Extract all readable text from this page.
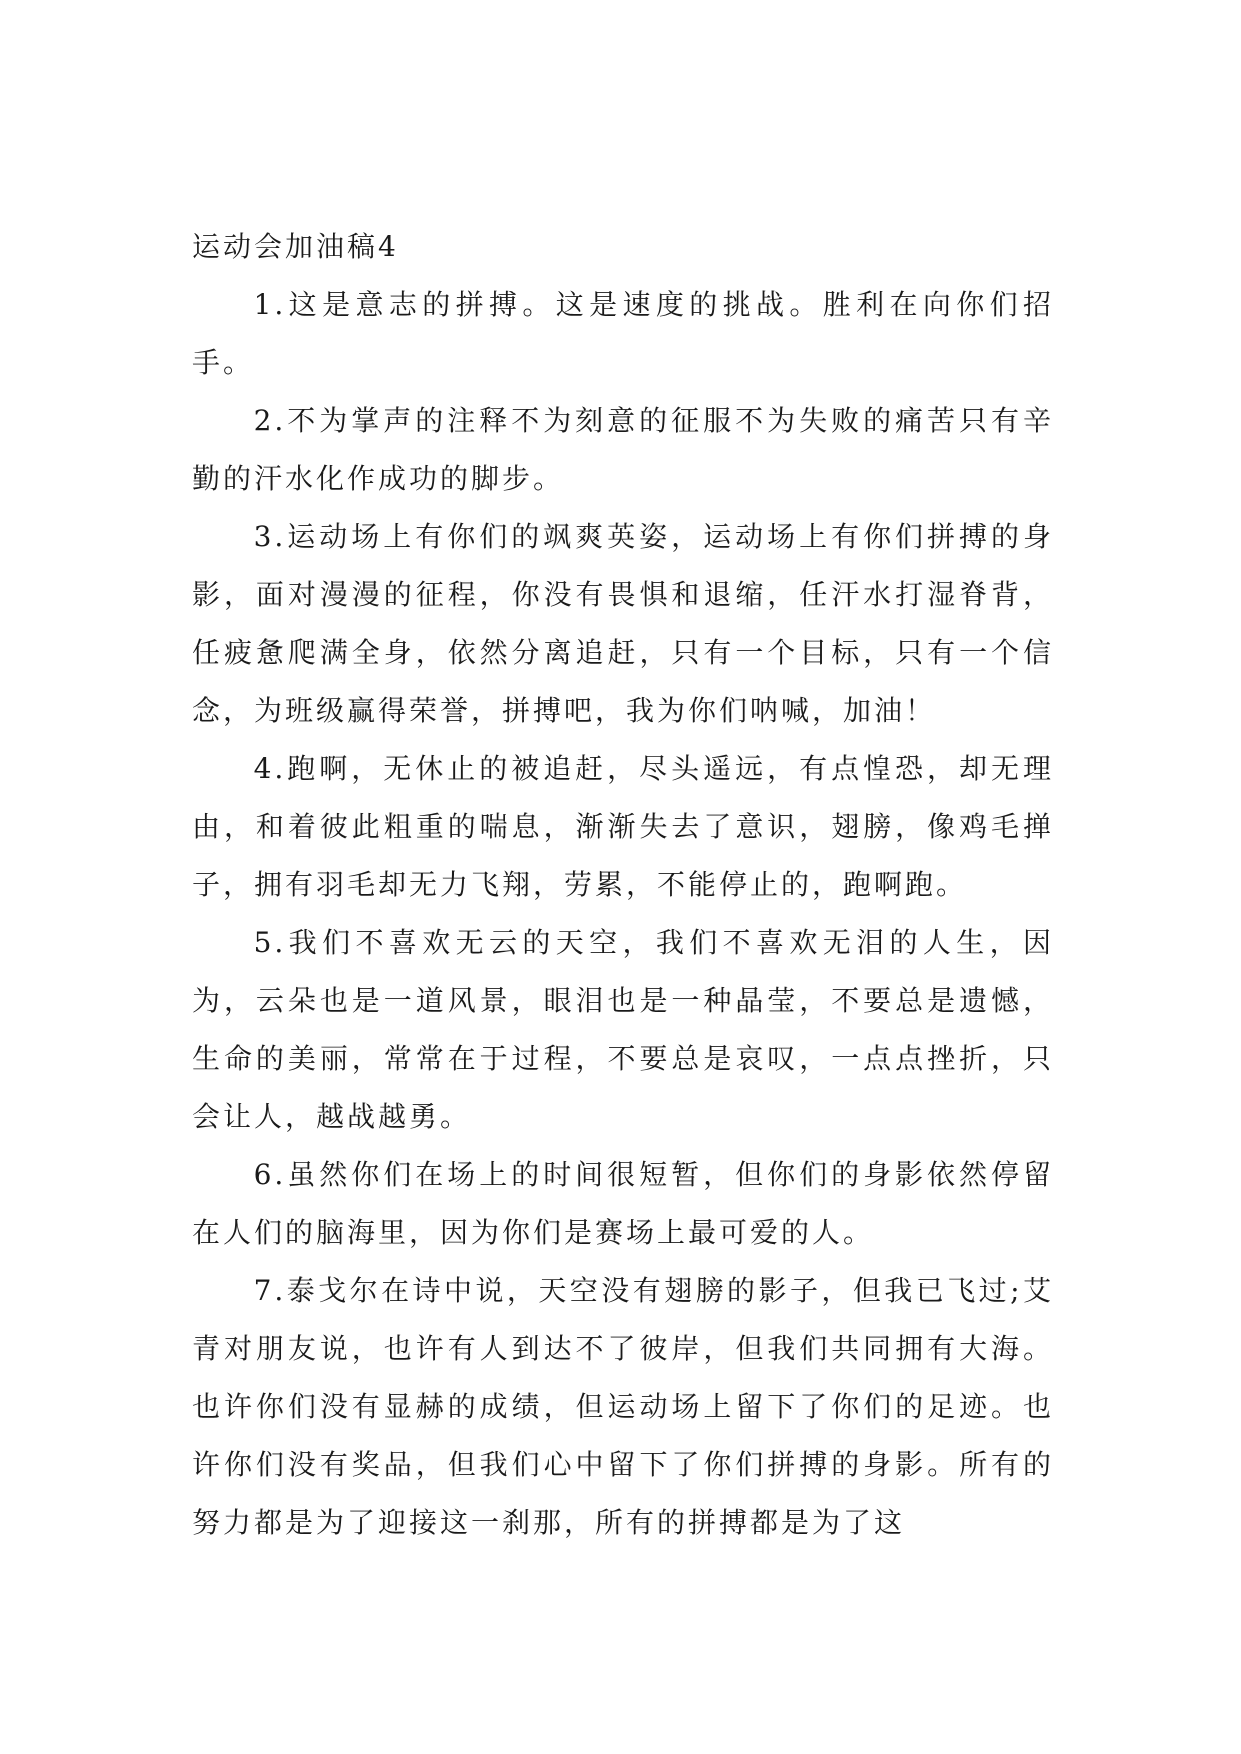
运动会加油稿4

1.这是意志的拼搏。这是速度的挑战。胜利在向你们招手。

2.不为掌声的注释不为刻意的征服不为失败的痛苦只有辛勤的汗水化作成功的脚步。

3.运动场上有你们的飒爽英姿，运动场上有你们拼搏的身影，面对漫漫的征程，你没有畏惧和退缩，任汗水打湿脊背，任疲惫爬满全身，依然分离追赶，只有一个目标，只有一个信念，为班级赢得荣誉，拼搏吧，我为你们呐喊，加油！

4.跑啊，无休止的被追赶，尽头遥远，有点惶恐，却无理由，和着彼此粗重的喘息，渐渐失去了意识，翅膀，像鸡毛掸子，拥有羽毛却无力飞翔，劳累，不能停止的，跑啊跑。

5.我们不喜欢无云的天空，我们不喜欢无泪的人生，因为，云朵也是一道风景，眼泪也是一种晶莹，不要总是遗憾，生命的美丽，常常在于过程，不要总是哀叹，一点点挫折，只会让人，越战越勇。

6.虽然你们在场上的时间很短暂，但你们的身影依然停留在人们的脑海里，因为你们是赛场上最可爱的人。

7.泰戈尔在诗中说，天空没有翅膀的影子，但我已飞过;艾青对朋友说，也许有人到达不了彼岸，但我们共同拥有大海。也许你们没有显赫的成绩，但运动场上留下了你们的足迹。也许你们没有奖品，但我们心中留下了你们拼搏的身影。所有的努力都是为了迎接这一刹那，所有的拼搏都是为了这
